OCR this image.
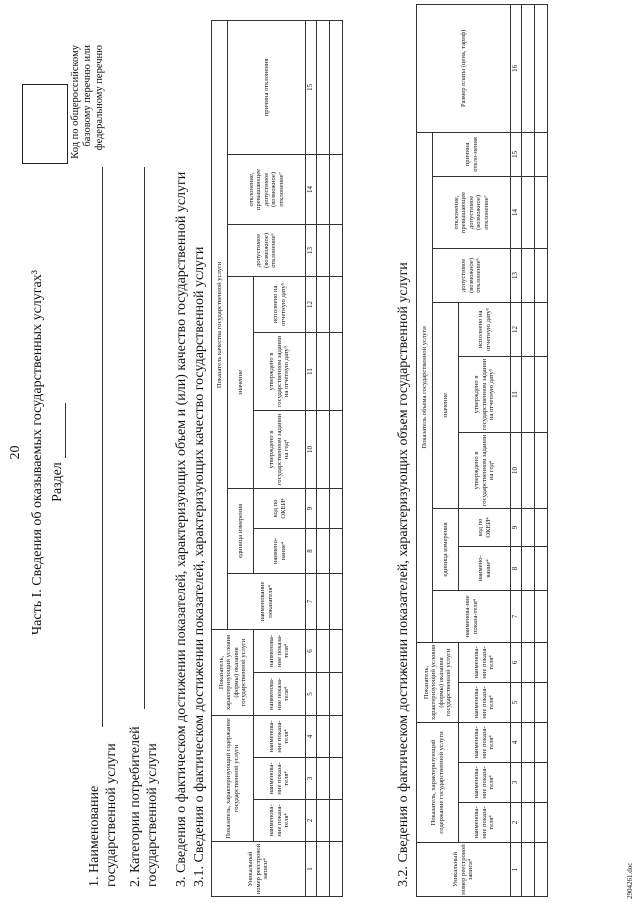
20 Часть I. Сведения об оказываемых государственных услугах³ Раздел
1. Наименование государственной услуги 2. Категории потребителей государственной услуги
Код по общероссийскому базовому перечню или федеральному перечню
3. Сведения о фактическом достижении показателей, характеризующих объем и (или) качество государственной услуги 3.1. Сведения о фактическом достижении показателей, характеризующих качество государственной услуги	Уникальный номер реестровой записи⁴	Показатель, характеризующий содержание государственной услуги			Показатель, характеризующий условия (формы) оказания государственной услуги		Показатель качества государственной услуги								
						наименование показателя⁴	единица измерения		значение			допустимое (возможное) отклонение⁶	отклонение, превышающее допустимое (возможное) отклонение⁷	причина отклонения
	наименова-ние показа-теля⁴	наименова-ние показа-теля⁴	наименова-ние показа-теля⁴	наименова-ние показа-теля⁴	наименова-ние показа-теля⁴		наимено-вание⁴	код по ОКЕИ⁴	утверждено в государственном задании на год⁴	утверждено в государственном задании на отчетную дату⁵	исполнено на отчетную дату⁵			
1	2	3	4	5	6	7	8	9	10	11	12	13	14	15

3.2. Сведения о фактическом достижении показателей, характеризующих объем государственной услуги	Уникальный номер реестровой записи⁴	Показатель, характеризующий содержание государственной услуги			Показатель, характеризующий условия (формы) оказания государственной услуги		Показатель объема государственной услуги									Размер платы (цена, тариф)
						наименова-ние показа-теля⁴	единица измерения		значение			допустимое (возможное) отклонение⁶	отклонение, превышающее допустимое (возможное) отклонение⁷	причина откло-нения	
	наименова-ние показа-теля⁴	наименова-ние показа-теля⁴	наименова-ние показа-теля⁴	наименова-ние показа-теля⁴	наименова-ние показа-теля⁴		наимено-вание⁴	код по ОКЕИ⁴	утверждено в государственном задании на год⁴	утверждено в государственном задании на отчетную дату⁵	исполнено на отчетную дату⁵				
1	2	3	4	5	6	7	8	9	10	11	12	13	14	15	16

2904261.doc
